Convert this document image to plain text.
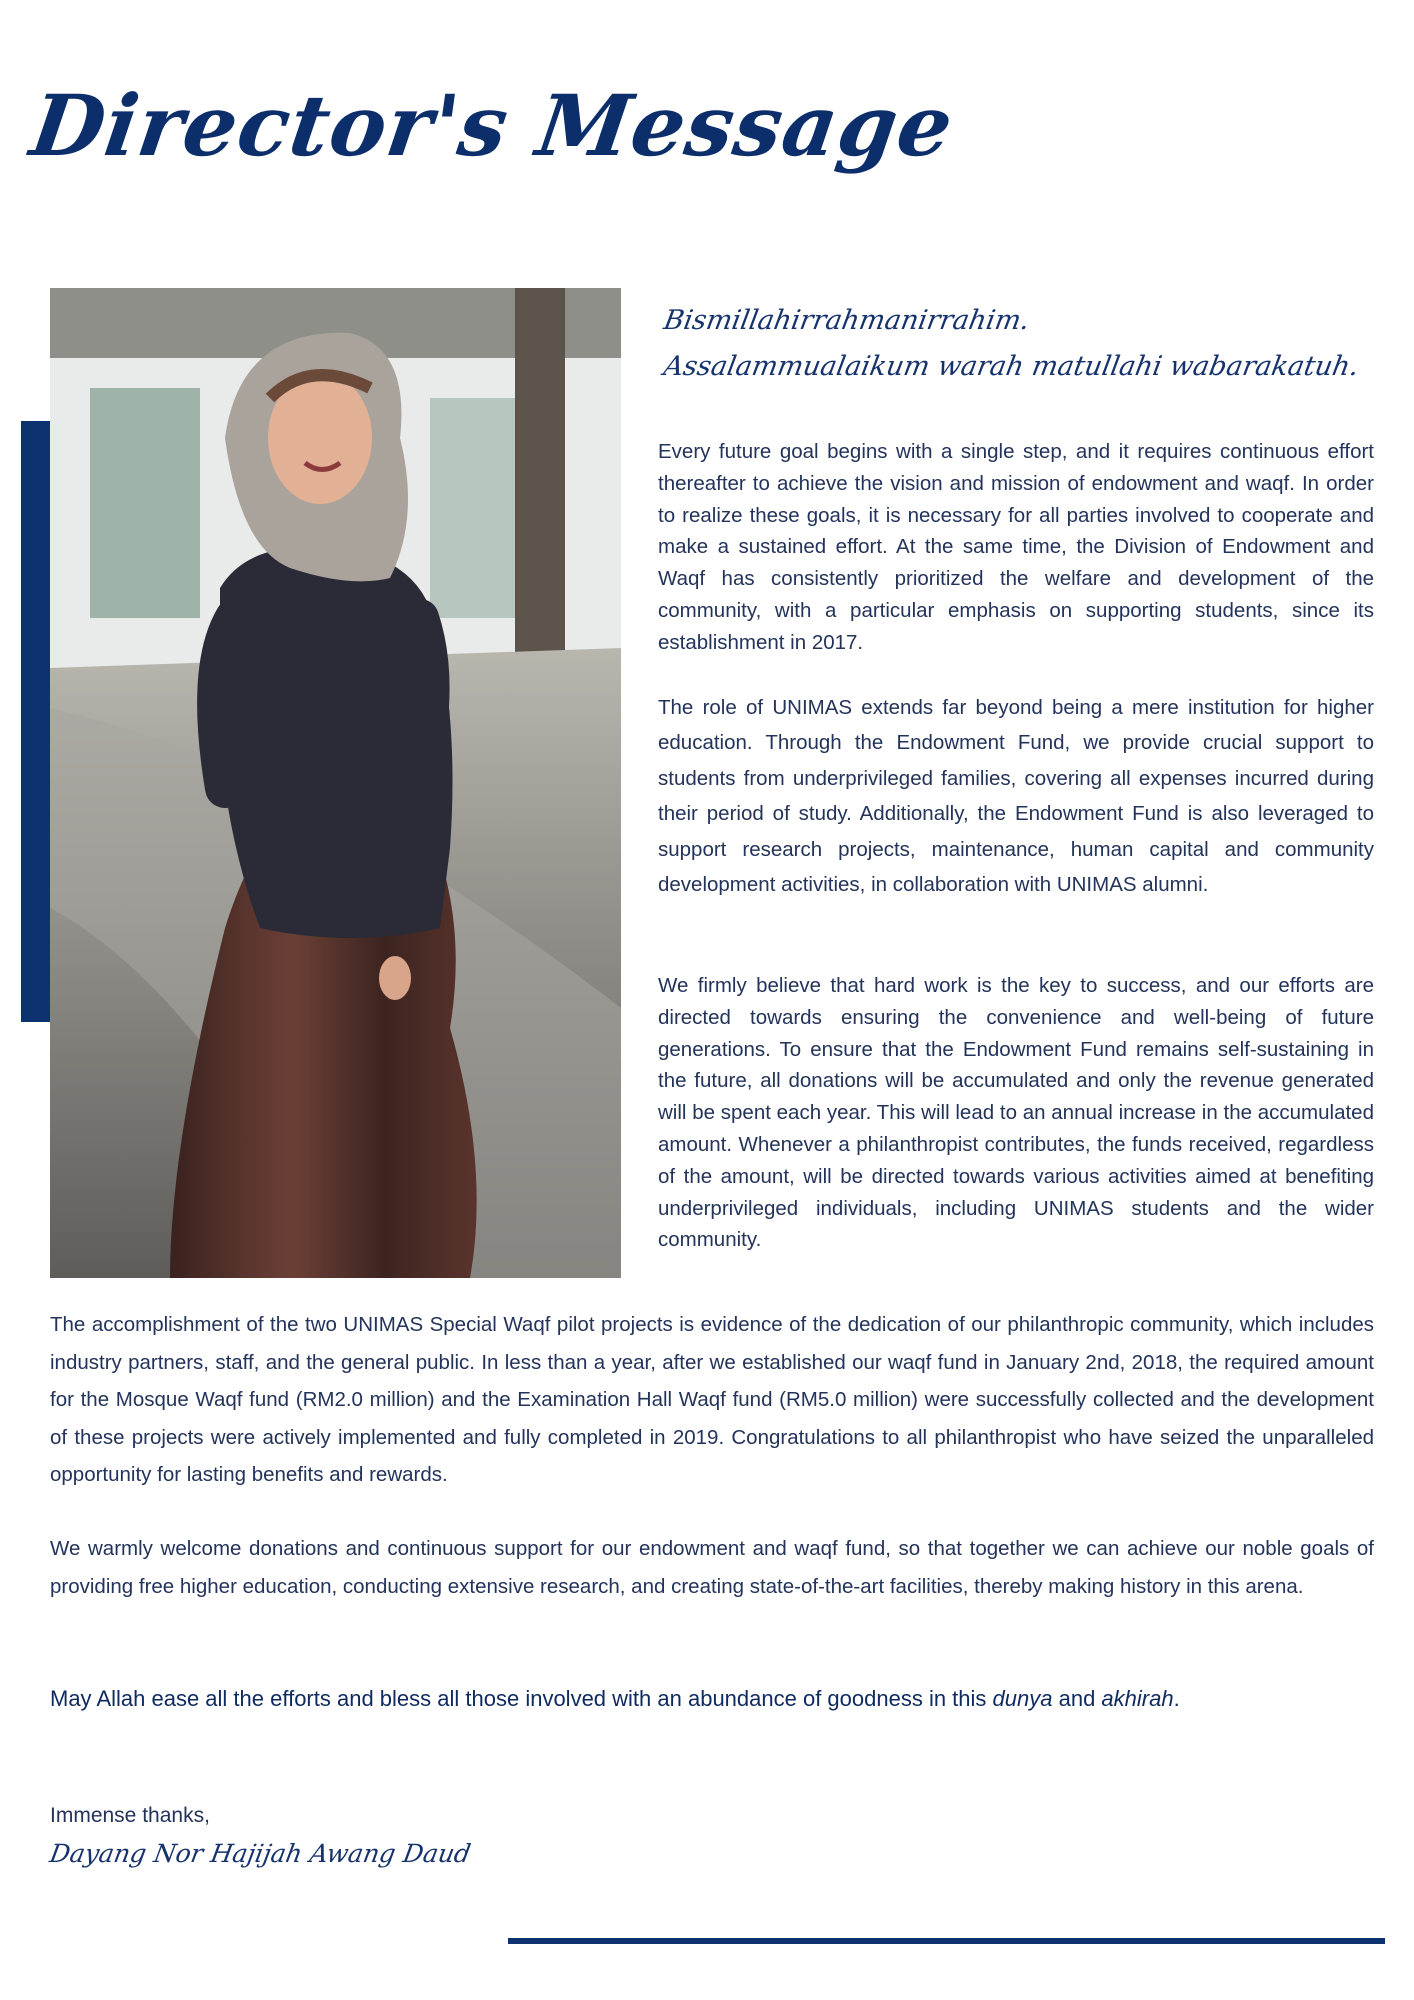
Director's Message
Bismillahirrahmanirrahim.
Assalammualaikum warah matullahi wabarakatuh.

Every future goal begins with a single step, and it requires continuous effort thereafter to achieve the vision and mission of endowment and waqf. In order to realize these goals, it is necessary for all parties involved to cooperate and make a sustained effort. At the same time, the Division of Endowment and Waqf has consistently prioritized the welfare and development of the community, with a particular emphasis on supporting students, since its establishment in 2017.

The role of UNIMAS extends far beyond being a mere institution for higher education. Through the Endowment Fund, we provide crucial support to students from underprivileged families, covering all expenses incurred during their period of study. Additionally, the Endowment Fund is also leveraged to support research projects, maintenance, human capital and community development activities, in collaboration with UNIMAS alumni.

We firmly believe that hard work is the key to success, and our efforts are directed towards ensuring the convenience and well-being of future generations. To ensure that the Endowment Fund remains self-sustaining in the future, all donations will be accumulated and only the revenue generated will be spent each year. This will lead to an annual increase in the accumulated amount. Whenever a philanthropist contributes, the funds received, regardless of the amount, will be directed towards various activities aimed at benefiting underprivileged individuals, including UNIMAS students and the wider community.

The accomplishment of the two UNIMAS Special Waqf pilot projects is evidence of the dedication of our philanthropic community, which includes industry partners, staff, and the general public. In less than a year, after we established our waqf fund in January 2nd, 2018, the required amount for the Mosque Waqf fund (RM2.0 million) and the Examination Hall Waqf fund (RM5.0 million) were successfully collected and the development of these projects were actively implemented and fully completed in 2019. Congratulations to all philanthropist who have seized the unparalleled opportunity for lasting benefits and rewards.

We warmly welcome donations and continuous support for our endowment and waqf fund, so that together we can achieve our noble goals of providing free higher education, conducting extensive research, and creating state-of-the-art facilities, thereby making history in this arena.

May Allah ease all the efforts and bless all those involved with an abundance of goodness in this dunya and akhirah.

Immense thanks,

Dayang Nor Hajijah Awang Daud
